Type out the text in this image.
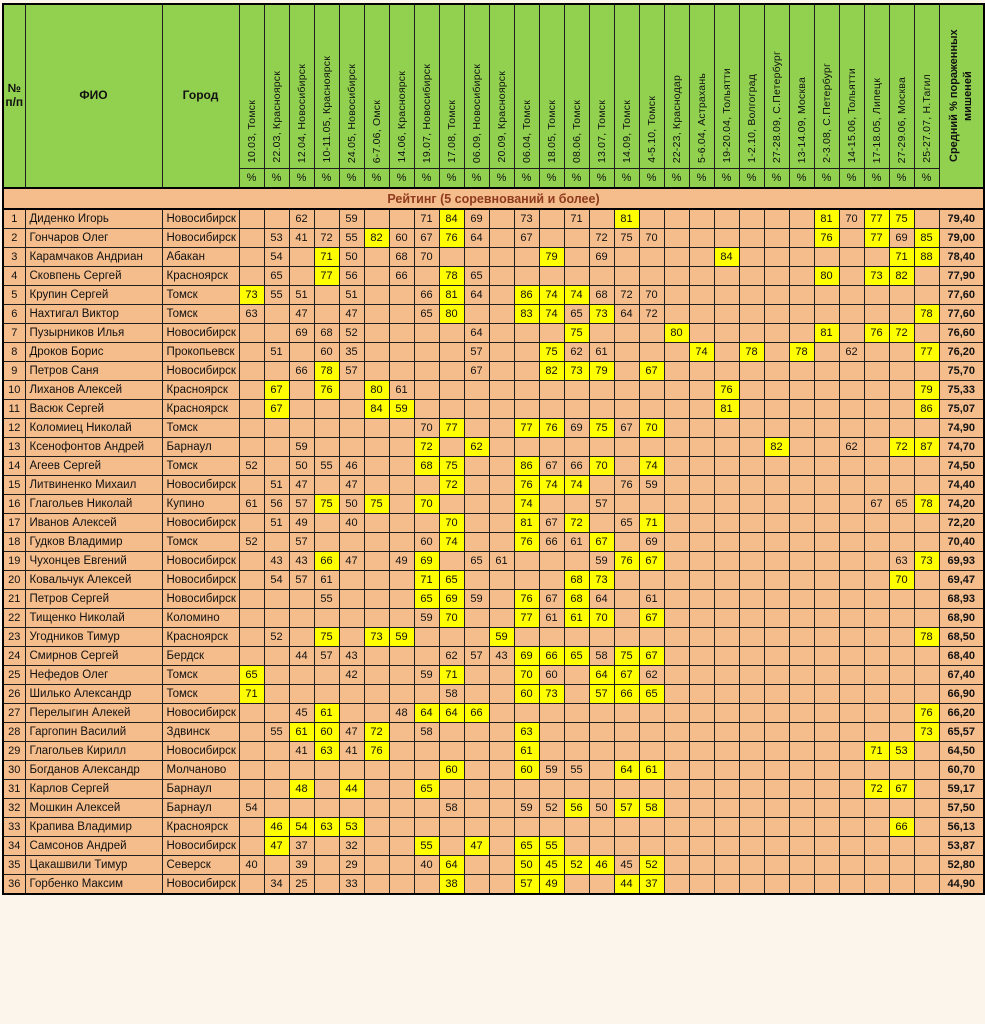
№ п/п	ФИО	Город	10.03, Томск	22.03, Красноярск	12.04, Новосибирск	10-11.05, Красноярск	24.05, Новосибирск	6-7.06, Омск	14.06, Красноярск	19.07, Новосибирск	17.08, Томск	06.09, Новосибирск	20.09, Красноярск	06.04, Томск	18.05, Томск	08.06, Томск	13.07, Томск	14.09, Томск	4-5.10, Томск	22-23, Краснодар	5-6.04, Астрахань	19-20.04, Тольятти	1-2.10, Волгоград	27-28.09, С.Петербург	13-14.09, Москва	2-3.08, С.Петербург	14-15.06, Тольятти	17-18.05, Липецк	27-29.06, Москва	25-27.07, Н.Тагил	Средний % пораженных мишеней

			%	%	%	%	%	%	%	%	%	%	%	%	%	%	%	%	%	%	%	%	%	%	%	%	%	%	%	%	
Рейтинг (5 соревнований и более)																															
1	Диденко Игорь	Новосибирск			62		59			71	84	69		73		71		81								81	70	77	75		79,40
2	Гончаров Олег	Новосибирск		53	41	72	55	82	60	67	76	64		67			72	75	70							76		77	69	85	79,00
3	Карамчаков Андриан	Абакан		54		71	50		68	70					79		69					84							71	88	78,40
4	Сковпень Сергей	Красноярск		65		77	56		66		78	65														80		73	82		77,90
5	Крупин Сергей	Томск	73	55	51		51			66	81	64		86	74	74	68	72	70												77,60
6	Нахтигал Виктор	Томск	63		47		47			65	80			83	74	65	73	64	72											78	77,60
7	Пузырников Илья	Новосибирск			69	68	52					64				75				80						81		76	72		76,60
8	Дроков Борис	Прокопьевск		51		60	35					57			75	62	61				74		78		78		62			77	76,20
9	Петров Саня	Новосибирск			66	78	57					67			82	73	79		67												75,70
10	Лиханов Алексей	Красноярск		67		76		80	61													76								79	75,33
11	Васюк Сергей	Красноярск		67				84	59													81								86	75,07
12	Коломиец Николай	Томск								70	77			77	76	69	75	67	70												74,90
13	Ксенофонтов Андрей	Барнаул			59					72		62												82			62		72	87	74,70
14	Агеев Сергей	Томск	52		50	55	46			68	75			86	67	66	70		74												74,50
15	Литвиненко Михаил	Новосибирск		51	47		47				72			76	74	74		76	59												74,40
16	Глагольев Николай	Купино	61	56	57	75	50	75		70				74			57											67	65	78	74,20
17	Иванов Алексей	Новосибирск		51	49		40				70			81	67	72		65	71												72,20
18	Гудков Владимир	Томск	52		57					60	74			76	66	61	67		69												70,40
19	Чухонцев Евгений	Новосибирск		43	43	66	47		49	69		65	61				59	76	67										63	73	69,93
20	Ковальчук Алексей	Новосибирск		54	57	61				71	65					68	73												70		69,47
21	Петров Сергей	Новосибирск				55				65	69	59		76	67	68	64		61												68,93
22	Тищенко Николай	Коломино								59	70			77	61	61	70		67												68,90
23	Угодников Тимур	Красноярск		52		75		73	59				59																	78	68,50
24	Смирнов Сергей	Бердск			44	57	43				62	57	43	69	66	65	58	75	67												68,40
25	Нефедов Олег	Томск	65				42			59	71			70	60		64	67	62												67,40
26	Шилько Александр	Томск	71								58			60	73		57	66	65												66,90
27	Перелыгин Алекей	Новосибирск			45	61			48	64	64	66																		76	66,20
28	Гаргопин Василий	Здвинск		55	61	60	47	72		58				63																73	65,57
29	Глагольев Кирилл	Новосибирск			41	63	41	76						61														71	53		64,50
30	Богданов Александр	Молчаново									60			60	59	55		64	61												60,70
31	Карлов Сергей	Барнаул			48		44			65																		72	67		59,17
32	Мошкин Алексей	Барнаул	54								58			59	52	56	50	57	58												57,50
33	Крапива Владимир	Красноярск		46	54	63	53																						66		56,13
34	Самсонов Андрей	Новосибирск		47	37		32			55		47		65	55																53,87
35	Цакашвили Тимур	Северск	40		39		29			40	64			50	45	52	46	45	52												52,80
36	Горбенко Максим	Новосибирск		34	25		33				38			57	49			44	37												44,90
